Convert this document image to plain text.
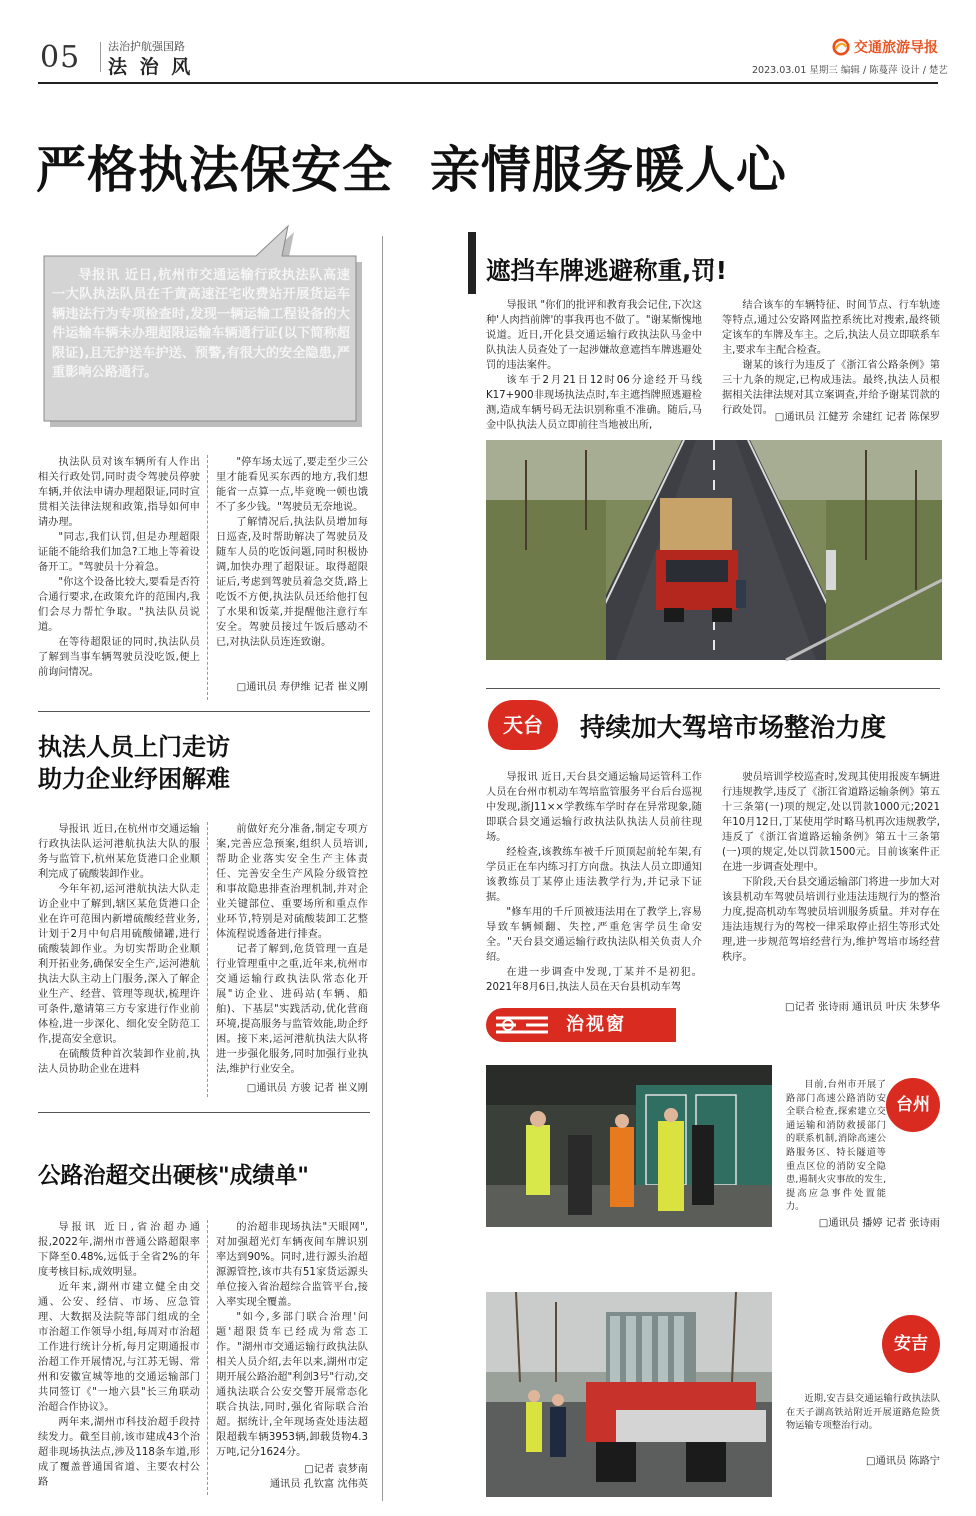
05	法治护航强国路
法 治 风
交通旅游导报
2023.03.01 星期三 编辑 / 陈蔓萍 设计 / 楚艺
严格执法保安全  亲情服务暖人心
导报讯 近日,杭州市交通运输行政执法队高速一大队执法队员在千黄高速汪宅收费站开展货运车辆违法行为专项检查时,发现一辆运输工程设备的大件运输车辆未办理超限运输车辆通行证(以下简称超限证),且无护送车护送、预警,有很大的安全隐患,严重影响公路通行。

执法队员对该车辆所有人作出相关行政处罚,同时责令驾驶员停驶车辆,并依法申请办理超限证,同时宣贯相关法律法规和政策,指导如何申请办理。

"同志,我们认罚,但是办理超限证能不能给我们加急?工地上等着设备开工。"驾驶员十分着急。

"你这个设备比较大,要看是否符合通行要求,在政策允许的范围内,我们会尽力帮忙争取。"执法队员说道。

在等待超限证的同时,执法队员了解到当事车辆驾驶员没吃饭,便上前询问情况。

"停车场太远了,要走至少三公里才能看见买东西的地方,我们想能省一点算一点,毕竟晚一顿也饿不了多少钱。"驾驶员无奈地说。

了解情况后,执法队员增加每日巡查,及时帮助解决了驾驶员及随车人员的吃饭问题,同时积极协调,加快办理了超限证。取得超限证后,考虑到驾驶员着急交货,路上吃饭不方便,执法队员还给他打包了水果和饭菜,并提醒他注意行车安全。驾驶员接过午饭后感动不已,对执法队员连连致谢。

□通讯员 寿伊维 记者 崔义刚
执法人员上门走访
助力企业纾困解难

导报讯 近日,在杭州市交通运输行政执法队运河港航执法大队的服务与监管下,杭州某危货港口企业顺利完成了硫酸装卸作业。

今年年初,运河港航执法大队走访企业中了解到,辖区某危货港口企业在许可范围内新增硫酸经营业务,计划于2月中旬启用硫酸储罐,进行硫酸装卸作业。为切实帮助企业顺利开拓业务,确保安全生产,运河港航执法大队主动上门服务,深入了解企业生产、经营、管理等现状,梳理许可条件,邀请第三方专家进行作业前体检,进一步深化、细化安全防范工作,提高安全意识。

在硫酸货种首次装卸作业前,执法人员协助企业在进料

前做好充分准备,制定专项方案,完善应急预案,组织人员培训,帮助企业落实安全生产主体责任、完善安全生产风险分级管控和事故隐患排查治理机制,并对企业关键部位、重要场所和重点作业环节,特别是对硫酸装卸工艺整体流程说透备进行排查。

记者了解到,危货管理一直是行业管理重中之重,近年来,杭州市交通运输行政执法队常态化开展"访企业、进码站(车辆、船舶)、下基层"实践活动,优化营商环境,提高服务与监管效能,助企纾困。接下来,运河港航执法大队将进一步强化服务,同时加强行业执法,维护行业安全。

□通讯员 方骏 记者 崔义刚
公路治超交出硬核"成绩单"

导报讯 近日,省治超办通报,2022年,湖州市普通公路超限率下降至0.48%,远低于全省2%的年度考核目标,成效明显。

近年来,湖州市建立健全由交通、公安、经信、市场、应急管理、大数据及法院等部门组成的全市治超工作领导小组,每周对市治超工作进行统计分析,每月定期通报市治超工作开展情况,与江苏无锡、常州和安徽宣城等地的交通运输部门共同签订《"一地六县"长三角联动治超合作协议》。

两年来,湖州市科技治超手段持续发力。截至目前,该市建成43个治超非现场执法点,涉及118条车道,形成了覆盖普通国省道、主要农村公路

的治超非现场执法"天眼网",对加强超光灯车辆夜间车牌识别率达到90%。同时,进行源头治超源源管控,该市共有51家货运源头单位接入省治超综合监管平台,接入率实现全覆盖。

"如今,多部门联合治理'问题'超限货车已经成为常态工作。"湖州市交通运输行政执法队相关人员介绍,去年以来,湖州市定期开展公路治超"利剑3号"行动,交通执法联合公安交警开展常态化联合执法,同时,强化省际联合治超。据统计,全年现场查处违法超限超载车辆3953辆,卸载货物4.3万吨,记分1624分。

□记者 袁梦南
通讯员 孔钦富 沈伟英
遮挡车牌逃避称重,罚!

导报讯 "你们的批评和教育我会记住,下次这种'人肉挡前牌'的事我再也不做了。"谢某惭愧地说道。近日,开化县交通运输行政执法队马金中队执法人员查处了一起涉嫌故意遮挡车牌逃避处罚的违法案件。

该车于2月21日12时06分途经开马线K17+900非现场执法点时,车主遮挡牌照逃避检测,造成车辆号码无法识别称重不准确。随后,马金中队执法人员立即前往当地被出所,

结合该车的车辆特征、时间节点、行车轨迹等特点,通过公安路网监控系统比对搜索,最终锁定该车的车牌及车主。之后,执法人员立即联系车主,要求车主配合检查。

谢某的该行为违反了《浙江省公路条例》第三十九条的规定,已构成违法。最终,执法人员根据相关法律法规对其立案调查,并给予谢某罚款的行政处罚。

□通讯员 江健芳 余建红 记者 陈保罗
天台	持续加大驾培市场整治力度

导报讯 近日,天台县交通运输局运管科工作人员在台州市机动车驾培监管服务平台后台巡视中发现,浙J11××学教练车学时存在异常现象,随即联合县交通运输行政执法队执法人员前往现场。

经检查,该教练车被千斤顶顶起前轮车架,有学员正在车内练习打方向盘。执法人员立即通知该教练员丁某停止违法教学行为,并记录下证据。

"修车用的千斤顶被违法用在了教学上,容易导致车辆倾翻、失控,严重危害学员生命安全。"天台县交通运输行政执法队相关负责人介绍。

在进一步调查中发现,丁某并不是初犯。2021年8月6日,执法人员在天台县机动车驾

驶员培训学校巡查时,发现其使用报废车辆进行违规教学,违反了《浙江省道路运输条例》第五十三条第(一)项的规定,处以罚款1000元;2021年10月12日,丁某使用学时略马机再次违规教学,违反了《浙江省道路运输条例》第五十三条第(一)项的规定,处以罚款1500元。目前该案件正在进一步调查处理中。

下阶段,天台县交通运输部门将进一步加大对该县机动车驾驶员培训行业违法违规行为的整治力度,提高机动车驾驶员培训服务质量。并对存在违法违规行为的驾校一律采取停止招生等形式处理,进一步规范驾培经营行为,维护驾培市场经营秩序。

□记者 张诗雨 通讯员 叶庆 朱梦华
治视窗
台州
目前,台州市开展了路部门高速公路消防安全联合检查,探索建立交通运输和消防救援部门的联系机制,消除高速公路服务区、特长隧道等重点区位的消防安全隐患,遏制火灾事故的发生,提高应急事件处置能力。
□通讯员 播婷 记者 张诗雨
安吉
近期,安吉县交通运输行政执法队在天子湖高铁站附近开展道路危险货物运输专项整治行动。
□通讯员 陈路宁
